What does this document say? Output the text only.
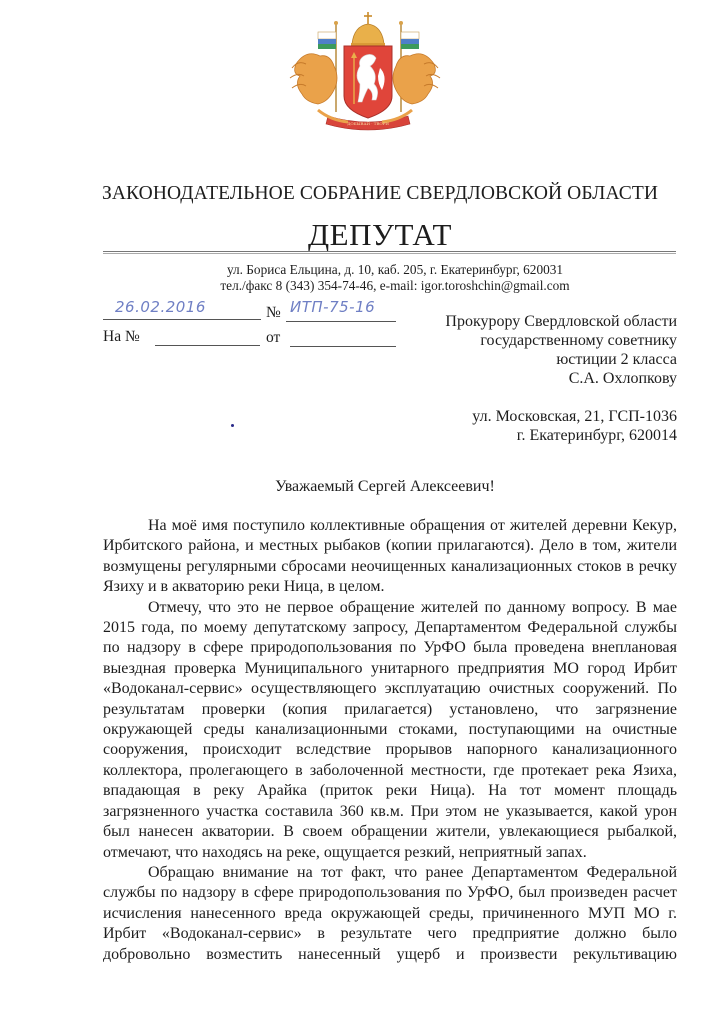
ДОБЫВАЙ · ТВОРИ
ЗАКОНОДАТЕЛЬНОЕ СОБРАНИЕ СВЕРДЛОВСКОЙ ОБЛАСТИ
ДЕПУТАТ
ул. Бориса Ельцина, д. 10, каб. 205, г. Екатеринбург, 620031
тел./факс 8 (343) 354-74-46, e-mail: igor.toroshchin@gmail.com
26.02.2016	№ ИТП-75-16
На №	от
Прокурору Свердловской области
государственному советнику
юстиции 2 класса
С.А. Охлопкову
ул. Московская, 21, ГСП-1036
г. Екатеринбург, 620014
Уважаемый Сергей Алексеевич!

На моё имя поступило коллективные обращения от жителей деревни Кекур, Ирбитского района, и местных рыбаков (копии прилагаются). Дело в том, жители возмущены регулярными сбросами неочищенных канализационных стоков в речку Язиху и в акваторию реки Ница, в целом.

Отмечу, что это не первое обращение жителей по данному вопросу. В мае 2015 года, по моему депутатскому запросу, Департаментом Федеральной службы по надзору в сфере природопользования по УрФО была проведена внеплановая выездная проверка Муниципального унитарного предприятия МО город Ирбит «Водоканал-сервис» осуществляющего эксплуатацию очистных сооружений. По результатам проверки (копия прилагается) установлено, что загрязнение окружающей среды канализационными стоками, поступающими на очистные сооружения, происходит вследствие прорывов напорного канализационного коллектора, пролегающего в заболоченной местности, где протекает река Язиха, впадающая в реку Арайка (приток реки Ница). На тот момент площадь загрязненного участка составила 360 кв.м. При этом не указывается, какой урон был нанесен акватории. В своем обращении жители, увлекающиеся рыбалкой, отмечают, что находясь на реке, ощущается резкий, неприятный запах.

Обращаю внимание на тот факт, что ранее Департаментом Федеральной службы по надзору в сфере природопользования по УрФО, был произведен расчет исчисления нанесенного вреда окружающей среды, причиненного МУП МО г. Ирбит «Водоканал-сервис» в результате чего предприятие должно было добровольно возместить нанесенный ущерб и произвести рекультивацию
